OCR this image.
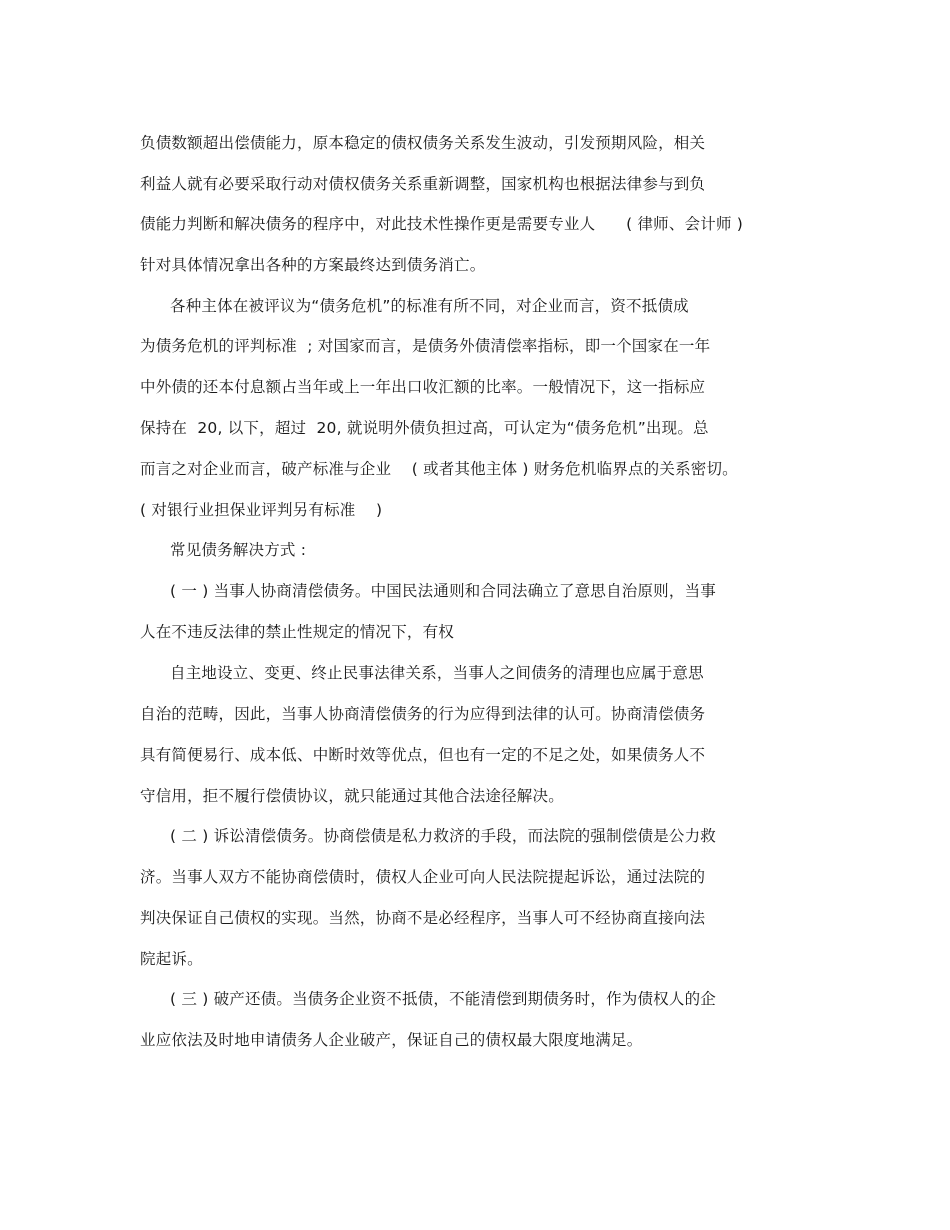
负债数额超出偿债能力，原本稳定的债权债务关系发生波动，引发预期风险，相关
利益人就有必要采取行动对债权债务关系重新调整，国家机构也根据法律参与到负
债能力判断和解决债务的程序中，对此技术性操作更是需要专业人      ( 律师、会计师 )
针对具体情况拿出各种的方案最终达到债务消亡。
各种主体在被评议为“债务危机”的标准有所不同，对企业而言，资不抵债成
为债务危机的评判标准  ; 对国家而言，是债务外债清偿率指标，即一个国家在一年
中外债的还本付息额占当年或上一年出口收汇额的比率。一般情况下，这一指标应
保持在  20, 以下，超过  20, 就说明外债负担过高，可认定为“债务危机”出现。总
而言之对企业而言，破产标准与企业    ( 或者其他主体 ) 财务危机临界点的关系密切。
( 对银行业担保业评判另有标准    )
常见债务解决方式 :
( 一 ) 当事人协商清偿债务。中国民法通则和合同法确立了意思自治原则，当事
人在不违反法律的禁止性规定的情况下，有权
自主地设立、变更、终止民事法律关系，当事人之间债务的清理也应属于意思
自治的范畴，因此，当事人协商清偿债务的行为应得到法律的认可。协商清偿债务
具有简便易行、成本低、中断时效等优点，但也有一定的不足之处，如果债务人不
守信用，拒不履行偿债协议，就只能通过其他合法途径解决。
( 二 ) 诉讼清偿债务。协商偿债是私力救济的手段，而法院的强制偿债是公力救
济。当事人双方不能协商偿债时，债权人企业可向人民法院提起诉讼，通过法院的
判决保证自己债权的实现。当然，协商不是必经程序，当事人可不经协商直接向法
院起诉。
( 三 ) 破产还债。当债务企业资不抵债，不能清偿到期债务时，作为债权人的企
业应依法及时地申请债务人企业破产，保证自己的债权最大限度地满足。
